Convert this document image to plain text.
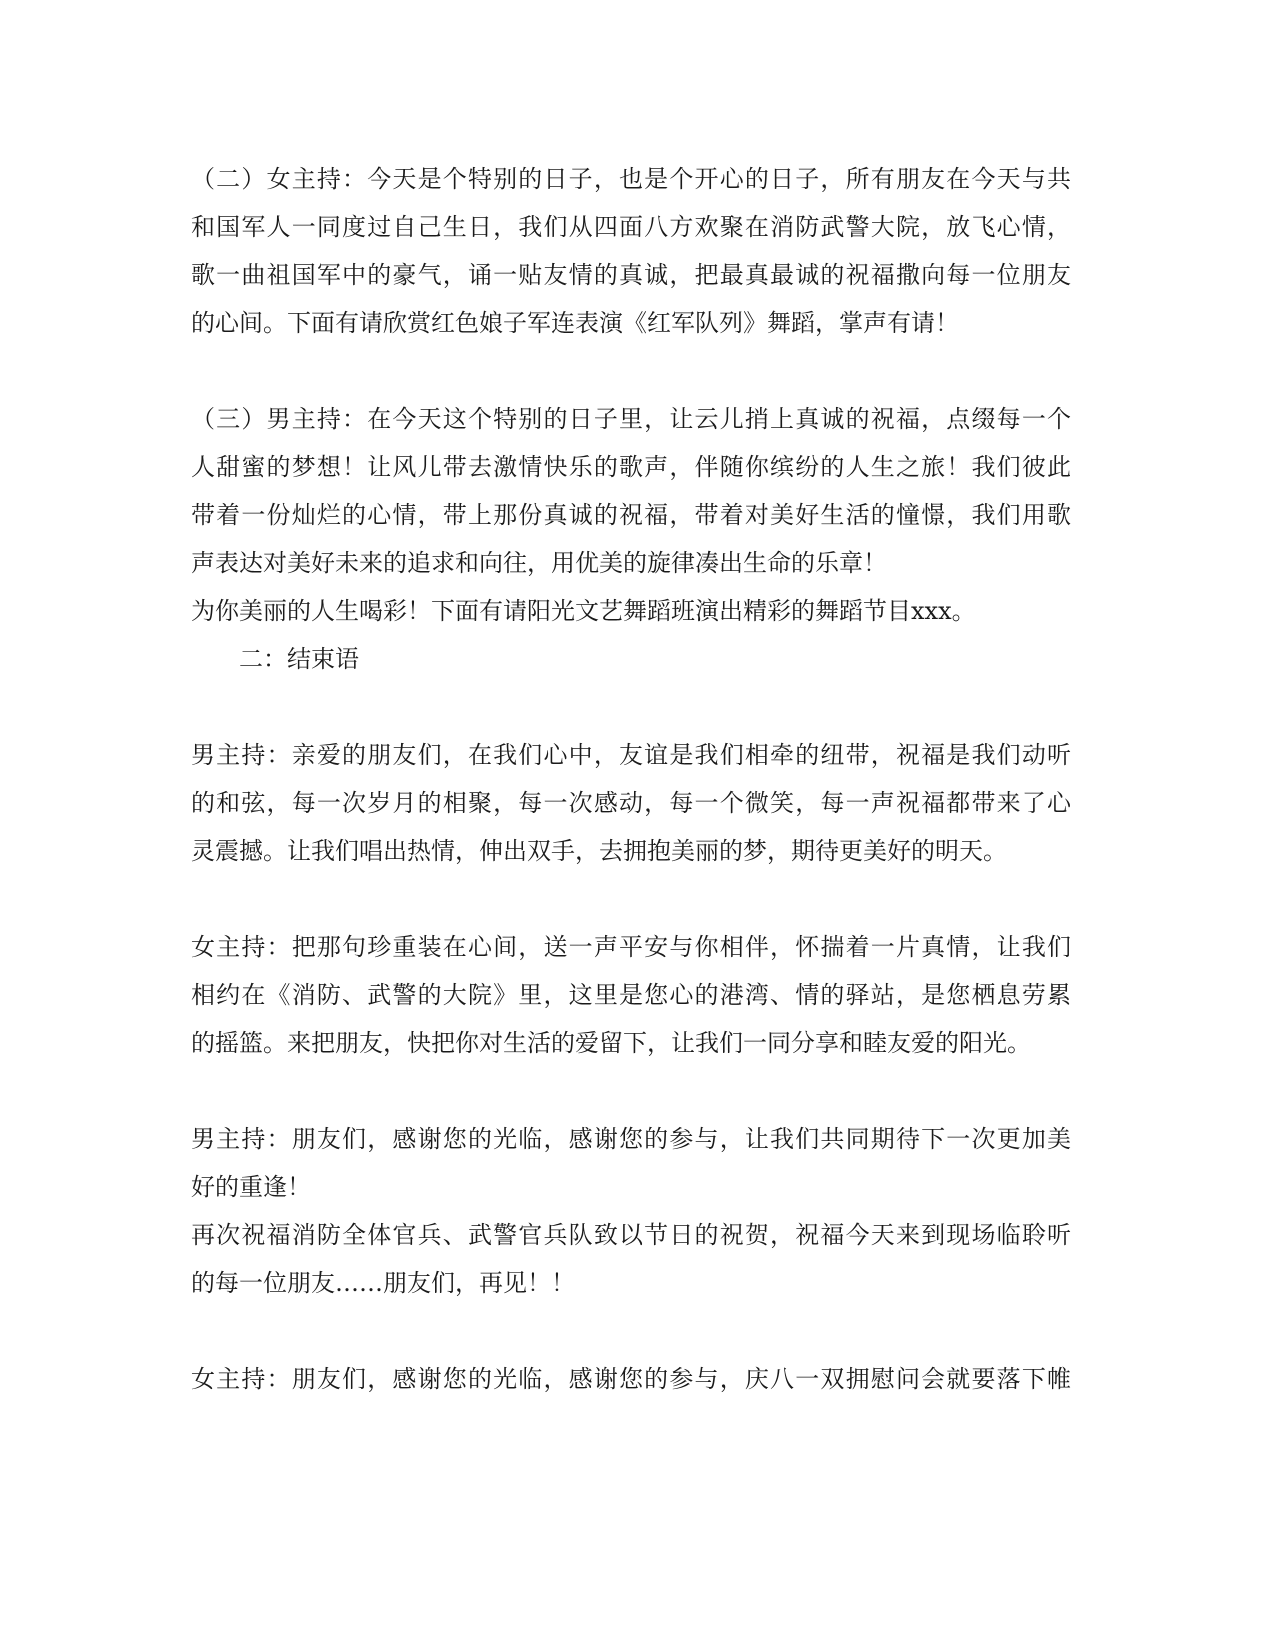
（二）女主持：今天是个特别的日子，也是个开心的日子，所有朋友在今天与共
和国军人一同度过自己生日，我们从四面八方欢聚在消防武警大院，放飞心情，
歌一曲祖国军中的豪气，诵一贴友情的真诚，把最真最诚的祝福撒向每一位朋友
的心间。下面有请欣赏红色娘子军连表演《红军队列》舞蹈，掌声有请！
（三）男主持：在今天这个特别的日子里，让云儿捎上真诚的祝福，点缀每一个
人甜蜜的梦想！让风儿带去激情快乐的歌声，伴随你缤纷的人生之旅！我们彼此
带着一份灿烂的心情，带上那份真诚的祝福，带着对美好生活的憧憬，我们用歌
声表达对美好未来的追求和向往，用优美的旋律凑出生命的乐章！
为你美丽的人生喝彩！下面有请阳光文艺舞蹈班演出精彩的舞蹈节目xxx。
二：结束语
男主持：亲爱的朋友们，在我们心中，友谊是我们相牵的纽带，祝福是我们动听
的和弦，每一次岁月的相聚，每一次感动，每一个微笑，每一声祝福都带来了心
灵震撼。让我们唱出热情，伸出双手，去拥抱美丽的梦，期待更美好的明天。
女主持：把那句珍重装在心间，送一声平安与你相伴，怀揣着一片真情，让我们
相约在《消防、武警的大院》里，这里是您心的港湾、情的驿站，是您栖息劳累
的摇篮。来把朋友，快把你对生活的爱留下，让我们一同分享和睦友爱的阳光。
男主持：朋友们，感谢您的光临，感谢您的参与，让我们共同期待下一次更加美
好的重逢！
再次祝福消防全体官兵、武警官兵队致以节日的祝贺，祝福今天来到现场临聆听
的每一位朋友……朋友们，再见！！
女主持：朋友们，感谢您的光临，感谢您的参与，庆八一双拥慰问会就要落下帷
